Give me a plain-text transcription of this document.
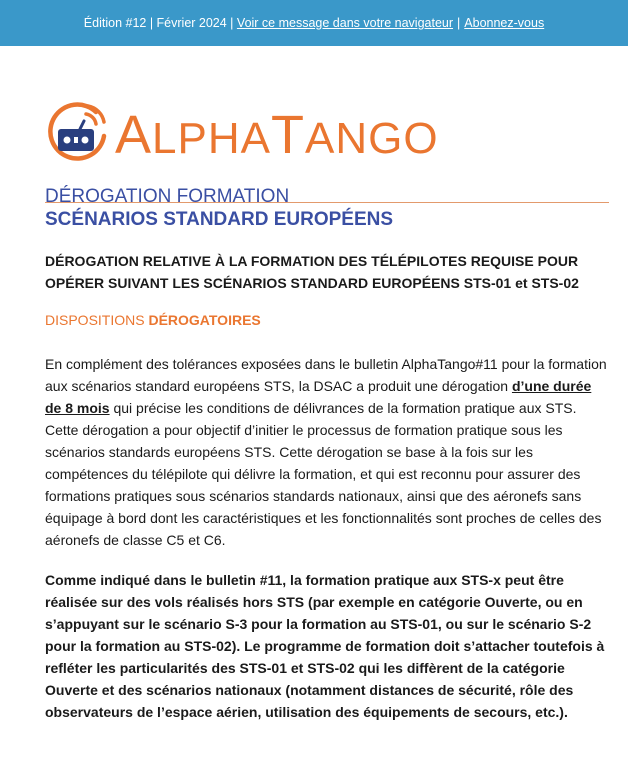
Édition #12 | Février 2024 |
Voir ce message dans votre navigateur | Abonnez-vous
ALPHATANGO
DÉROGATION FORMATION
SCÉNARIOS STANDARD EUROPÉENS
DÉROGATION RELATIVE À LA FORMATION DES TÉLÉPILOTES REQUISE POUR OPÉRER SUIVANT LES SCÉNARIOS STANDARD EUROPÉENS STS-01 et STS-02
DISPOSITIONS DÉROGATOIRES
En complément des tolérances exposées dans le bulletin AlphaTango#11 pour la formation aux scénarios standard européens STS, la DSAC a produit une dérogation d’une durée de 8 mois qui précise les conditions de délivrances de la formation pratique aux STS.
Cette dérogation a pour objectif d’initier le processus de formation pratique sous les scénarios standards européens STS. Cette dérogation se base à la fois sur les compétences du télépilote qui délivre la formation, et qui est reconnu pour assurer des formations pratiques sous scénarios standards nationaux, ainsi que des aéronefs sans équipage à bord dont les caractéristiques et les fonctionnalités sont proches de celles des aéronefs de classe C5 et C6.
Comme indiqué dans le bulletin #11, la formation pratique aux STS-x peut être réalisée sur des vols réalisés hors STS (par exemple en catégorie Ouverte, ou en s’appuyant sur le scénario S-3 pour la formation au STS-01, ou sur le scénario S-2 pour la formation au STS-02). Le programme de formation doit s’attacher toutefois à refléter les particularités des STS-01 et STS-02 qui les diffèrent de la catégorie Ouverte et des scénarios nationaux (notamment distances de sécurité, rôle des observateurs de l’espace aérien, utilisation des équipements de secours, etc.).
